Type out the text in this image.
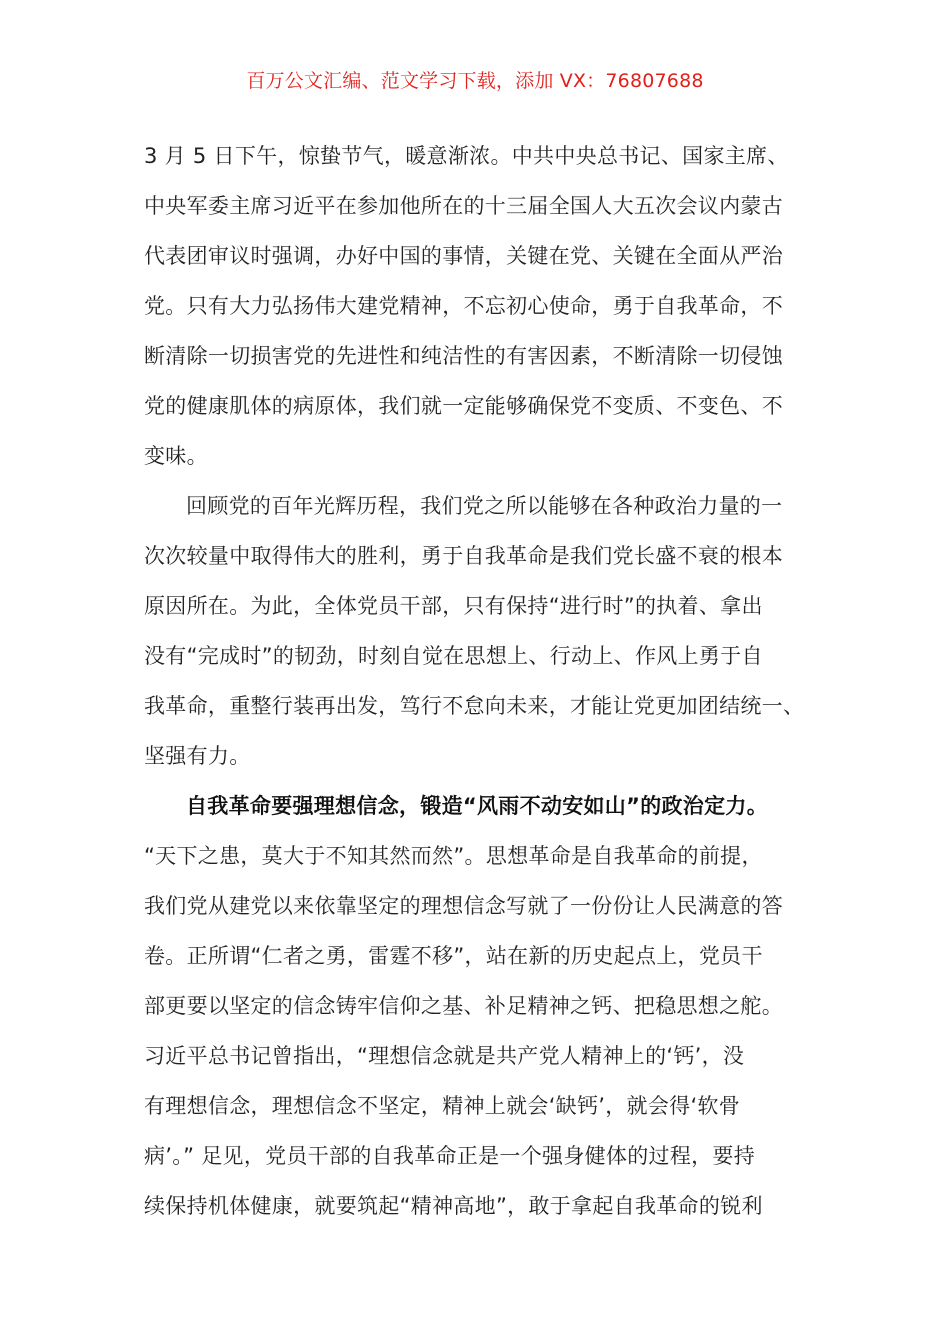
百万公文汇编、范文学习下载，添加 VX：76807688

3 月 5 日下午，惊蛰节气，暖意渐浓。中共中央总书记、国家主席、
中央军委主席习近平在参加他所在的十三届全国人大五次会议内蒙古
代表团审议时强调，办好中国的事情，关键在党、关键在全面从严治
党。只有大力弘扬伟大建党精神，不忘初心使命，勇于自我革命，不
断清除一切损害党的先进性和纯洁性的有害因素，不断清除一切侵蚀
党的健康肌体的病原体，我们就一定能够确保党不变质、不变色、不
变味。

回顾党的百年光辉历程，我们党之所以能够在各种政治力量的一
次次较量中取得伟大的胜利，勇于自我革命是我们党长盛不衰的根本
原因所在。为此，全体党员干部，只有保持“进行时”的执着、拿出
没有“完成时”的韧劲，时刻自觉在思想上、行动上、作风上勇于自
我革命，重整行装再出发，笃行不怠向未来，才能让党更加团结统一、
坚强有力。

自我革命要强理想信念，锻造“风雨不动安如山”的政治定力。
“天下之患，莫大于不知其然而然”。思想革命是自我革命的前提，
我们党从建党以来依靠坚定的理想信念写就了一份份让人民满意的答
卷。正所谓“仁者之勇，雷霆不移”，站在新的历史起点上，党员干
部更要以坚定的信念铸牢信仰之基、补足精神之钙、把稳思想之舵。
习近平总书记曾指出，“理想信念就是共产党人精神上的‘钙’，没
有理想信念，理想信念不坚定，精神上就会‘缺钙’，就会得‘软骨
病’。” 足见，党员干部的自我革命正是一个强身健体的过程，要持
续保持机体健康，就要筑起“精神高地”，敢于拿起自我革命的锐利
